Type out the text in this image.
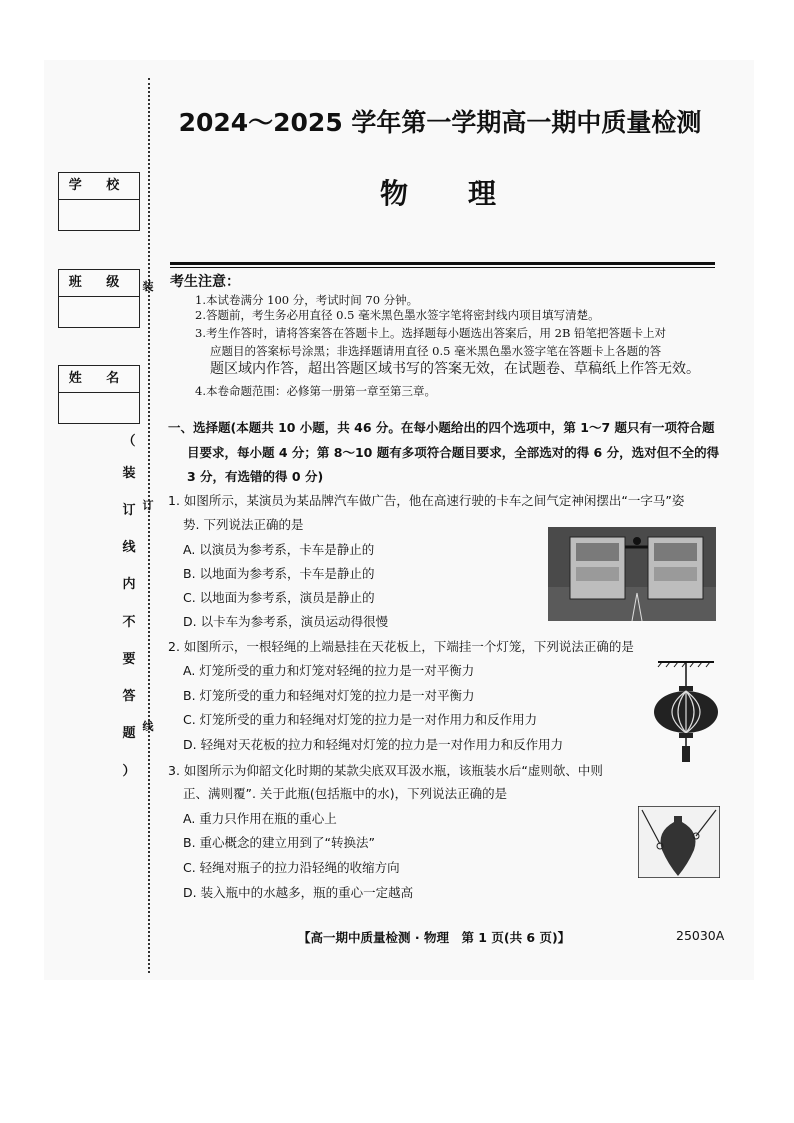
学 校
班 级
姓 名
（
装
订
线
内
不
要
答
题
）
装
订
线
2024～2025 学年第一学期高一期中质量检测
物理
考生注意：
1.本试卷满分 100 分，考试时间 70 分钟。
2.答题前，考生务必用直径 0.5 毫米黑色墨水签字笔将密封线内项目填写清楚。
3.考生作答时，请将答案答在答题卡上。选择题每小题选出答案后，用 2B 铅笔把答题卡上对
应题目的答案标号涂黑；非选择题请用直径 0.5 毫米黑色墨水签字笔在答题卡上各题的答
题区域内作答，超出答题区域书写的答案无效，在试题卷、草稿纸上作答无效。
4.本卷命题范围：必修第一册第一章至第三章。
一、选择题(本题共 10 小题，共 46 分。在每小题给出的四个选项中，第 1～7 题只有一项符合题
目要求，每小题 4 分；第 8～10 题有多项符合题目要求，全部选对的得 6 分，选对但不全的得
3 分，有选错的得 0 分)
1. 如图所示，某演员为某品牌汽车做广告，他在高速行驶的卡车之间气定神闲摆出“一字马”姿
势. 下列说法正确的是
A. 以演员为参考系，卡车是静止的
B. 以地面为参考系，卡车是静止的
C. 以地面为参考系，演员是静止的
D. 以卡车为参考系，演员运动得很慢
2. 如图所示，一根轻绳的上端悬挂在天花板上，下端挂一个灯笼，下列说法正确的是
A. 灯笼所受的重力和灯笼对轻绳的拉力是一对平衡力
B. 灯笼所受的重力和轻绳对灯笼的拉力是一对平衡力
C. 灯笼所受的重力和轻绳对灯笼的拉力是一对作用力和反作用力
D. 轻绳对天花板的拉力和轻绳对灯笼的拉力是一对作用力和反作用力
3. 如图所示为仰韶文化时期的某款尖底双耳汲水瓶，该瓶装水后“虚则欹、中则
正、满则覆”. 关于此瓶(包括瓶中的水)，下列说法正确的是
A. 重力只作用在瓶的重心上
B. 重心概念的建立用到了“转换法”
C. 轻绳对瓶子的拉力沿轻绳的收缩方向
D. 装入瓶中的水越多，瓶的重心一定越高
【高一期中质量检测 · 物理　第 1 页(共 6 页)】	25030A
